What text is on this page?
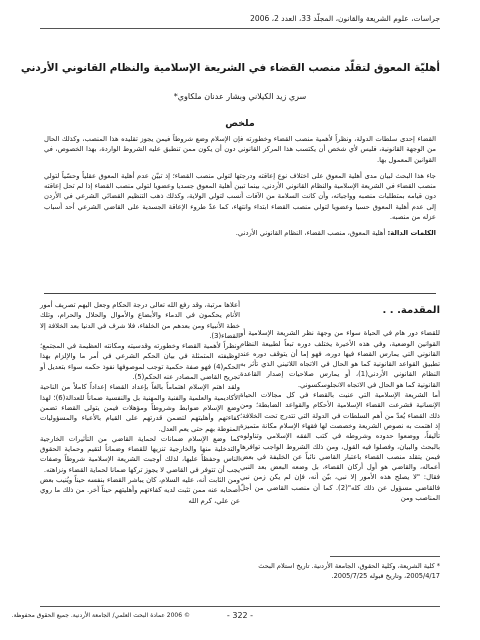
جراسات، علوم الشريعة والقانون، المجلّد 33، العدد 2، 2006
أهليّة المعوق لتقلّد منصب القضاء في الشريعة الإسلامية والنظام القانوني الأردني
سري زيد الكيلاني وبشار عدنان ملكاوي*
ملخص

القضاء إحدى سلطات الدولة، ونظراً لأهمية منصب القضاء وخطورته فإن الإسلام وضع شروطاً فيمن يجوز تقليده هذا المنصب، وكذلك الحال من الوجهة القانونية، فليس لأي شخص أن يكتسب هذا المركز القانوني دون أن يكون ممن تنطبق عليه الشروط الواردة، بهذا الخصوص، في القوانين المعمول بها.

جاء هذا البحث لبيان مدى أهلية المعوق على اختلاف نوع إعاقته ودرجتها لتولي منصب القضاء؛ إذ تبيّن عدم أهلية المعوق عقلياً وحسّياً لتولي منصب القضاء في الشريعة الإسلامية والنظام القانوني الأردني، بينما تبين أهلية المعوق جسديا وعضويا لتولي منصب القضاء إذا لم تحل إعاقته دون قيامه بمتطلبات منصبه وواجباته، وأن كانت السلامة من الآفات أنسب لتولي الولاية، وكذلك ذهب التنظيم القضائي الشرعي في الأردن إلى عدم أهلية المعوق حسيا وعضويا لتولي منصب القضاء ابتداء وانتهاء، كما عدّ طروء الإعاقة الجسدية على القاضي الشرعي أحد أسباب عزله من منصبه.

الكلمات الدالة: أهلية المعوق، منصب القضاء، النظام القانوني الأردني.

المقدمة. . .

للقضاء دور هام في الحياة سواء من وجهة نظر الشريعة الإسلامية أو القوانين الوضعية، وفي هذه الأخيرة يختلف دوره تبعاً لطبيعة النظام القانوني التي يمارس القضاء فيها دوره، فهو إما أن يتوقف دوره عند تطبيق القواعد القانونية كما هو الحال في الاتجاه اللاتيني الذي تأثر به النظام القانوني الأردني(1)، أو يمارس صلاحيات إصدار القاعدة القانونية كما هو الحال في الاتجاه الانجلوسكسوني.

أما الشريعة الإسلامية التي عنيت بالقضاء في كل مجالات الحياة الإنسانية فشرعت القضاء الإسلامية الأحكام والقواعد الضابطة؛ ومن ذلك القضاء يُعدّ من أهم السلطات في الدولة التي تتدرج تحت الخلافة؛ إذ اهتمت به نصوص الشريعة وخصصت لها فقهاء الإسلام مكانة متميزة تأليفاً، ووضعوا حدوده وشروطه في كتب الفقه الإسلامي وتناولوه بالبحث والبيان، وفصلوا فيه القول، ومن ذلك الشروط الواجب توافرها فيمن يتقلد منصب القضاء باعتبار القاضي نائباً عن الخليفة في بعض أعماله، والقاضي هو أول أركان القضاء، بل وضعه البعض بعد النبي فقال: "لا يصلح هذه الأمور إلا نبي، بيّن أنه، فإن لم يكن زمن نبي فالقاضي مسؤول عن ذلك كله"(2). كما أن منصب القاضي من أجلّ المناصب ومن

أعلاها مرتبة، وقد رفع الله تعالى درجة الحكام وجعل اليهم تصريف أمور الأنام يحكمون في الدماء والأبضاع والأموال والحلال والحرام، وتلك خطة الأنبياء ومن بعدهم من الخلفاء، فلا شرف في الدنيا بعد الخلافة إلا القضاء(3).

ونظراً لأهمية القضاء وخطورته وقدسيته ومكانته العظيمة في المجتمع؛ لوظيفته المتمثلة في بيان الحكم الشرعي في أمر ما والإلزام بهذا الحكم(4) فهو صفة حكمية توجب لموصوفها نفوذ حكمه سواء بتعديل أو تجريح القاضي المصادر عنه الحكم(5).

ولقد اهتم الإسلام اهتماماً بالغاً بإعداد القضاء إعداداً كاملاً من الناحية الأكاديمية والعلمية والفنية والمهنية بل والنفسية ضماناً للعدالة(6)؛ لهذا وضع الإسلام ضوابط وشروطاً ومؤهلات فيمن يتولى القضاء تضمن كفاءتهم وأهليتهم لتضمن قدرتهم على القيام بالأعباء والمسؤوليات المنوطة بهم حتى يعم العدل.

كما وضع الإسلام ضمانات لحماية القاضي من التأثيرات الخارجية والتدخلية منها والخارجية تنزيها للقضاء وضماناً لتقيم وحماية الحقوق الناس وحفظاً عليها، لذلك أوجبت الشريعة الإسلامية شروطاً وصفات يجب أن تتوفر في القاضي لا يجوز تركها ضمانا لحماية القضاء ونزاهته.

ومن الثابت أنه، عليه السلام، كان يباشر القضاء بنفسه حيناً ويُنيب بعض أصحابه عنه ممن تثبت لديه كفاءتهم وأهليتهم حيناً آخر. من ذلك ما روي عن علي، كرم الله

* كلية الشريعة، وكلية الحقوق، الجامعة الأردنية. تاريخ استلام البحث 2005/4/17، وتاريخ قبوله 2005/7/25.
- 322 -
© 2006 عمادة البحث العلمي/ الجامعة الأردنية. جميع الحقوق محفوظة.
